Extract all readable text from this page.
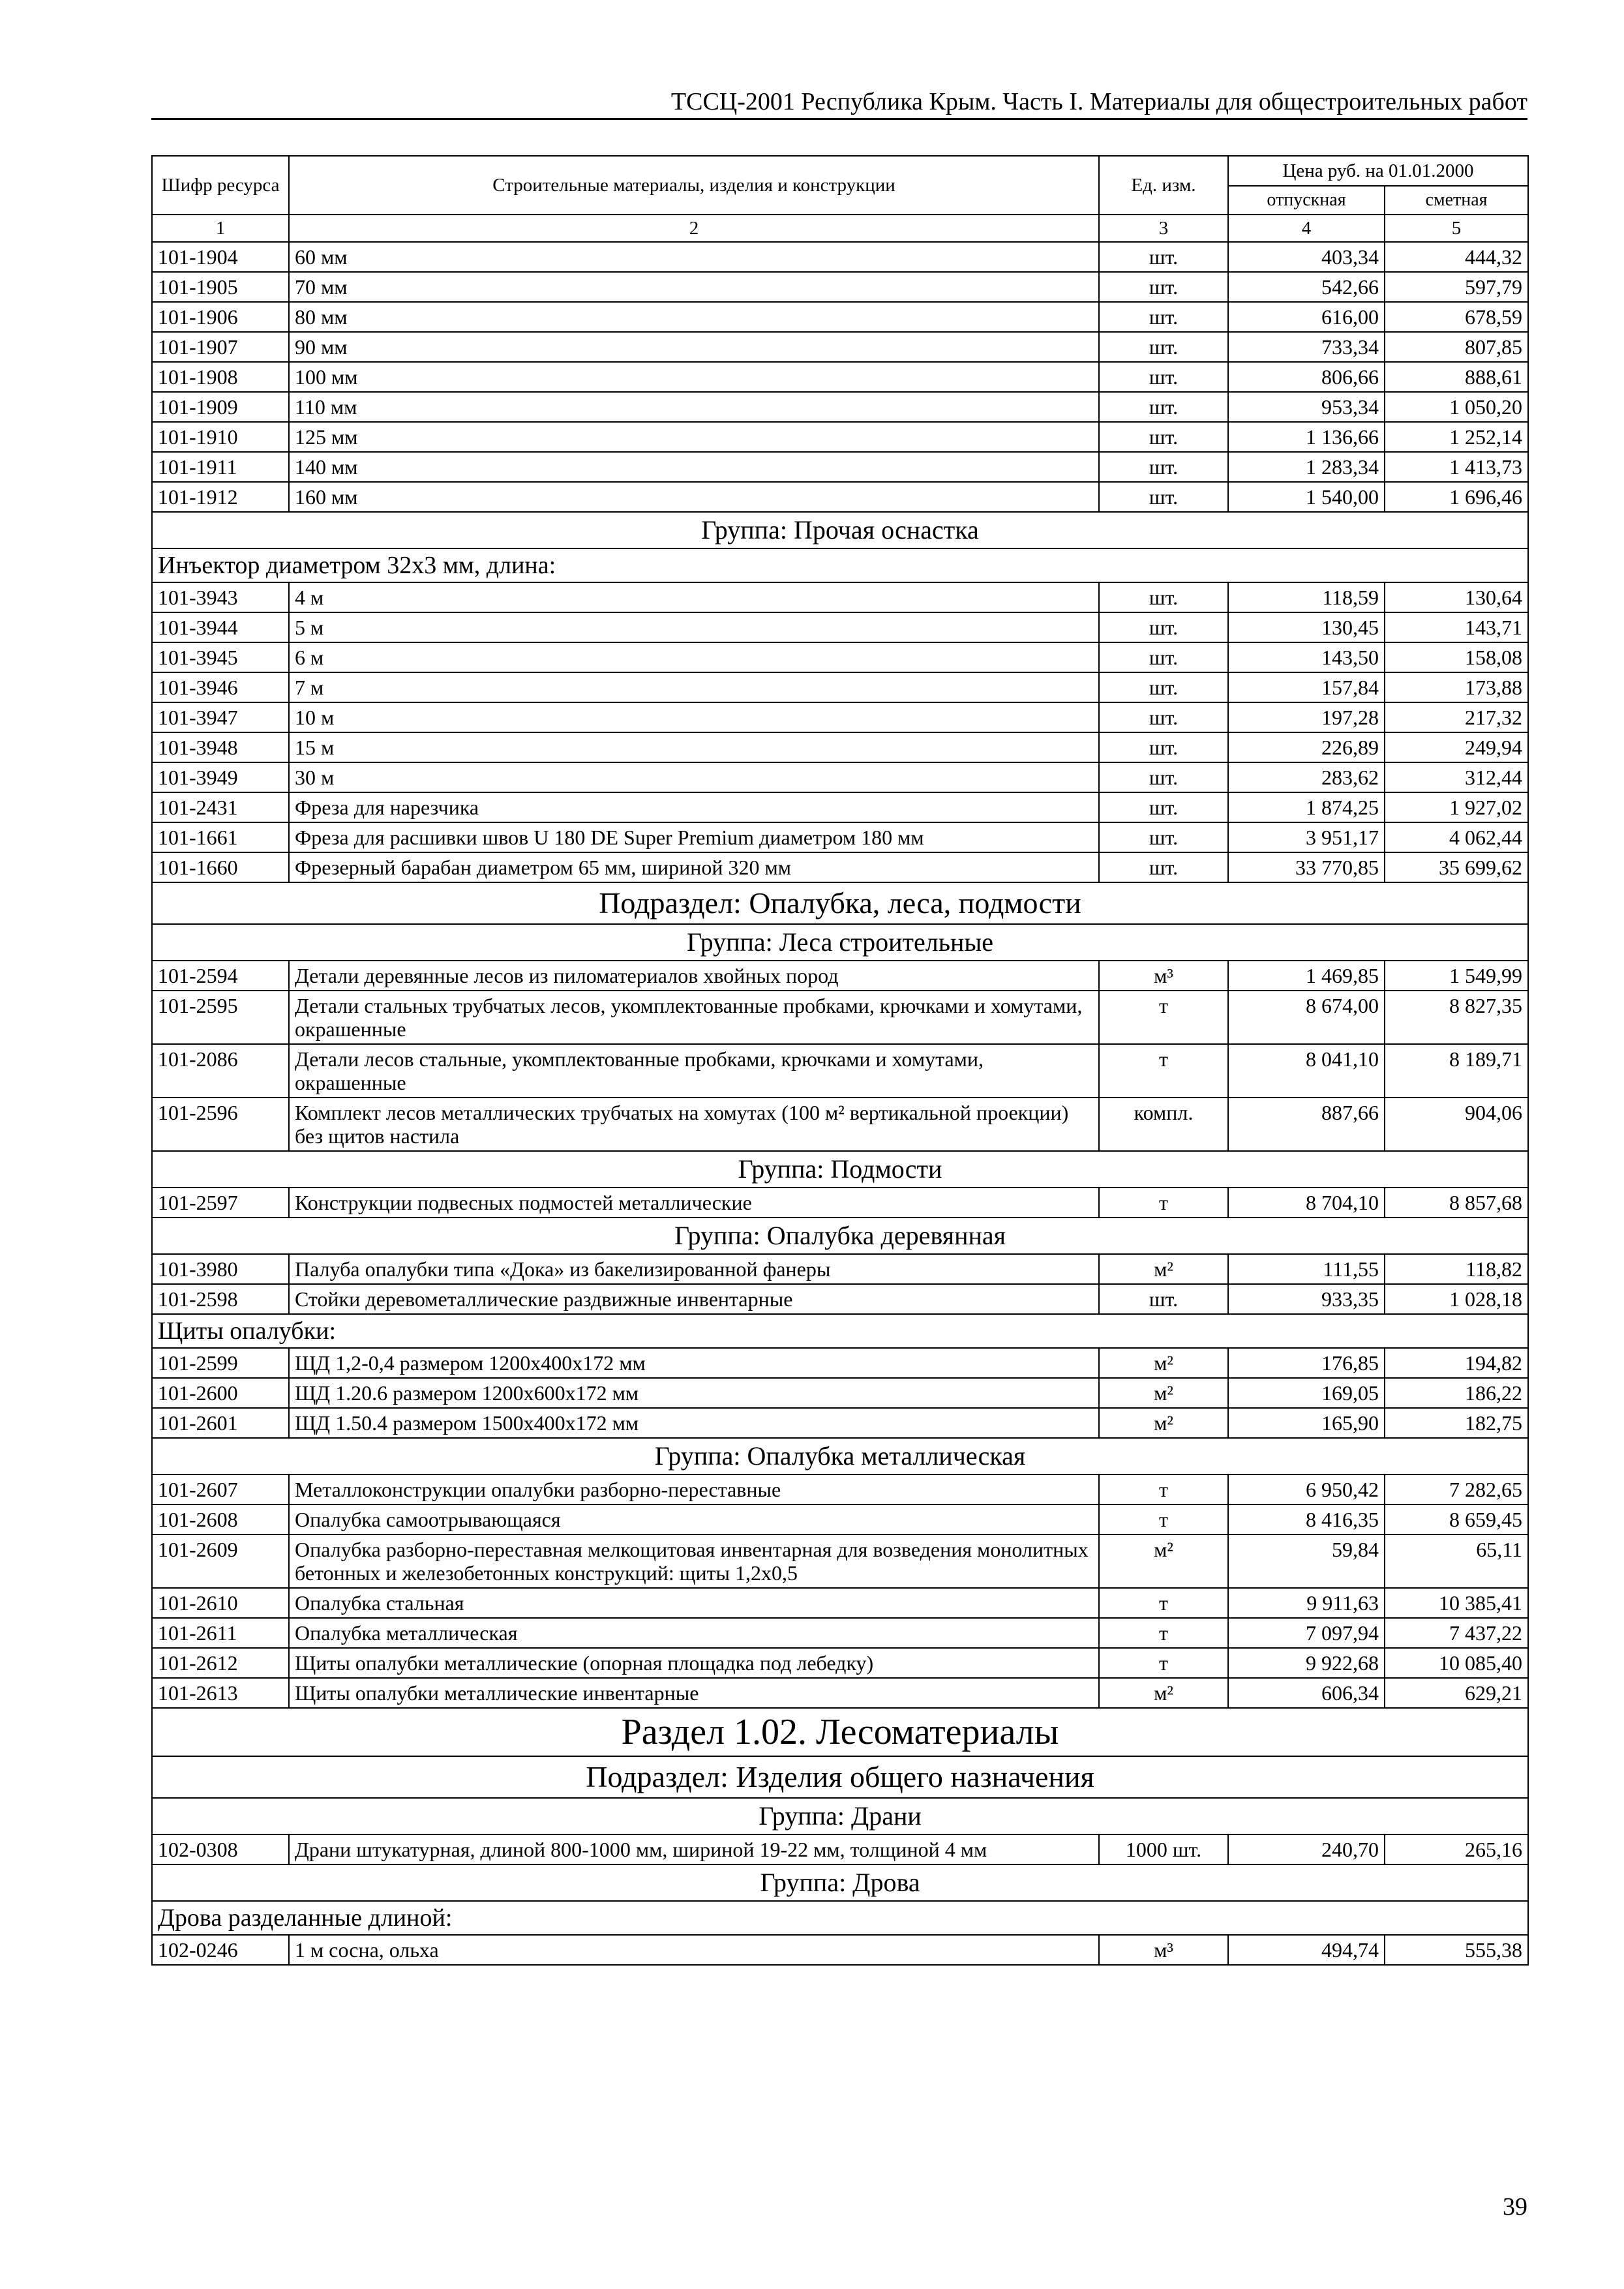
ТССЦ-2001 Республика Крым. Часть I. Материалы для общестроительных работ
Шифр ресурса	Строительные материалы, изделия и конструкции	Ед. изм.	Цена руб. на 01.01.2000	
			отпускная	сметная
1	2	3	4	5
101-1904	60 мм	шт.	403,34	444,32
101-1905	70 мм	шт.	542,66	597,79
101-1906	80 мм	шт.	616,00	678,59
101-1907	90 мм	шт.	733,34	807,85
101-1908	100 мм	шт.	806,66	888,61
101-1909	110 мм	шт.	953,34	1 050,20
101-1910	125 мм	шт.	1 136,66	1 252,14
101-1911	140 мм	шт.	1 283,34	1 413,73
101-1912	160 мм	шт.	1 540,00	1 696,46
Группа: Прочая оснастка				
Инъектор диаметром 32х3 мм, длина:				
101-3943	4 м	шт.	118,59	130,64
101-3944	5 м	шт.	130,45	143,71
101-3945	6 м	шт.	143,50	158,08
101-3946	7 м	шт.	157,84	173,88
101-3947	10 м	шт.	197,28	217,32
101-3948	15 м	шт.	226,89	249,94
101-3949	30 м	шт.	283,62	312,44
101-2431	Фреза для нарезчика	шт.	1 874,25	1 927,02
101-1661	Фреза для расшивки швов U 180 DE Super Premium диаметром 180 мм	шт.	3 951,17	4 062,44
101-1660	Фрезерный барабан диаметром 65 мм, шириной 320 мм	шт.	33 770,85	35 699,62
Подраздел: Опалубка, леса, подмости				
Группа: Леса строительные				
101-2594	Детали деревянные лесов из пиломатериалов хвойных пород	м³	1 469,85	1 549,99
101-2595	Детали стальных трубчатых лесов, укомплектованные пробками, крючками и хомутами, окрашенные	т	8 674,00	8 827,35
101-2086	Детали лесов стальные, укомплектованные пробками, крючками и хомутами, окрашенные	т	8 041,10	8 189,71
101-2596	Комплект лесов металлических трубчатых на хомутах (100 м² вертикальной проекции) без щитов настила	компл.	887,66	904,06
Группа: Подмости				
101-2597	Конструкции подвесных подмостей металлические	т	8 704,10	8 857,68
Группа: Опалубка деревянная				
101-3980	Палуба опалубки типа «Дока» из бакелизированной фанеры	м²	111,55	118,82
101-2598	Стойки деревометаллические раздвижные инвентарные	шт.	933,35	1 028,18
Щиты опалубки:				
101-2599	ЩД 1,2-0,4 размером 1200х400х172 мм	м²	176,85	194,82
101-2600	ЩД 1.20.6 размером 1200х600х172 мм	м²	169,05	186,22
101-2601	ЩД 1.50.4 размером 1500х400х172 мм	м²	165,90	182,75
Группа: Опалубка металлическая				
101-2607	Металлоконструкции опалубки разборно-переставные	т	6 950,42	7 282,65
101-2608	Опалубка самоотрывающаяся	т	8 416,35	8 659,45
101-2609	Опалубка разборно-переставная мелкощитовая инвентарная для возведения монолитных бетонных и железобетонных конструкций: щиты 1,2х0,5	м²	59,84	65,11
101-2610	Опалубка стальная	т	9 911,63	10 385,41
101-2611	Опалубка металлическая	т	7 097,94	7 437,22
101-2612	Щиты опалубки металлические (опорная площадка под лебедку)	т	9 922,68	10 085,40
101-2613	Щиты опалубки металлические инвентарные	м²	606,34	629,21
Раздел 1.02. Лесоматериалы				
Подраздел: Изделия общего назначения				
Группа: Драни				
102-0308	Драни штукатурная, длиной 800-1000 мм, шириной 19-22 мм, толщиной 4 мм	1000 шт.	240,70	265,16
Группа: Дрова				
Дрова разделанные длиной:				
102-0246	1 м сосна, ольха	м³	494,74	555,38
39
